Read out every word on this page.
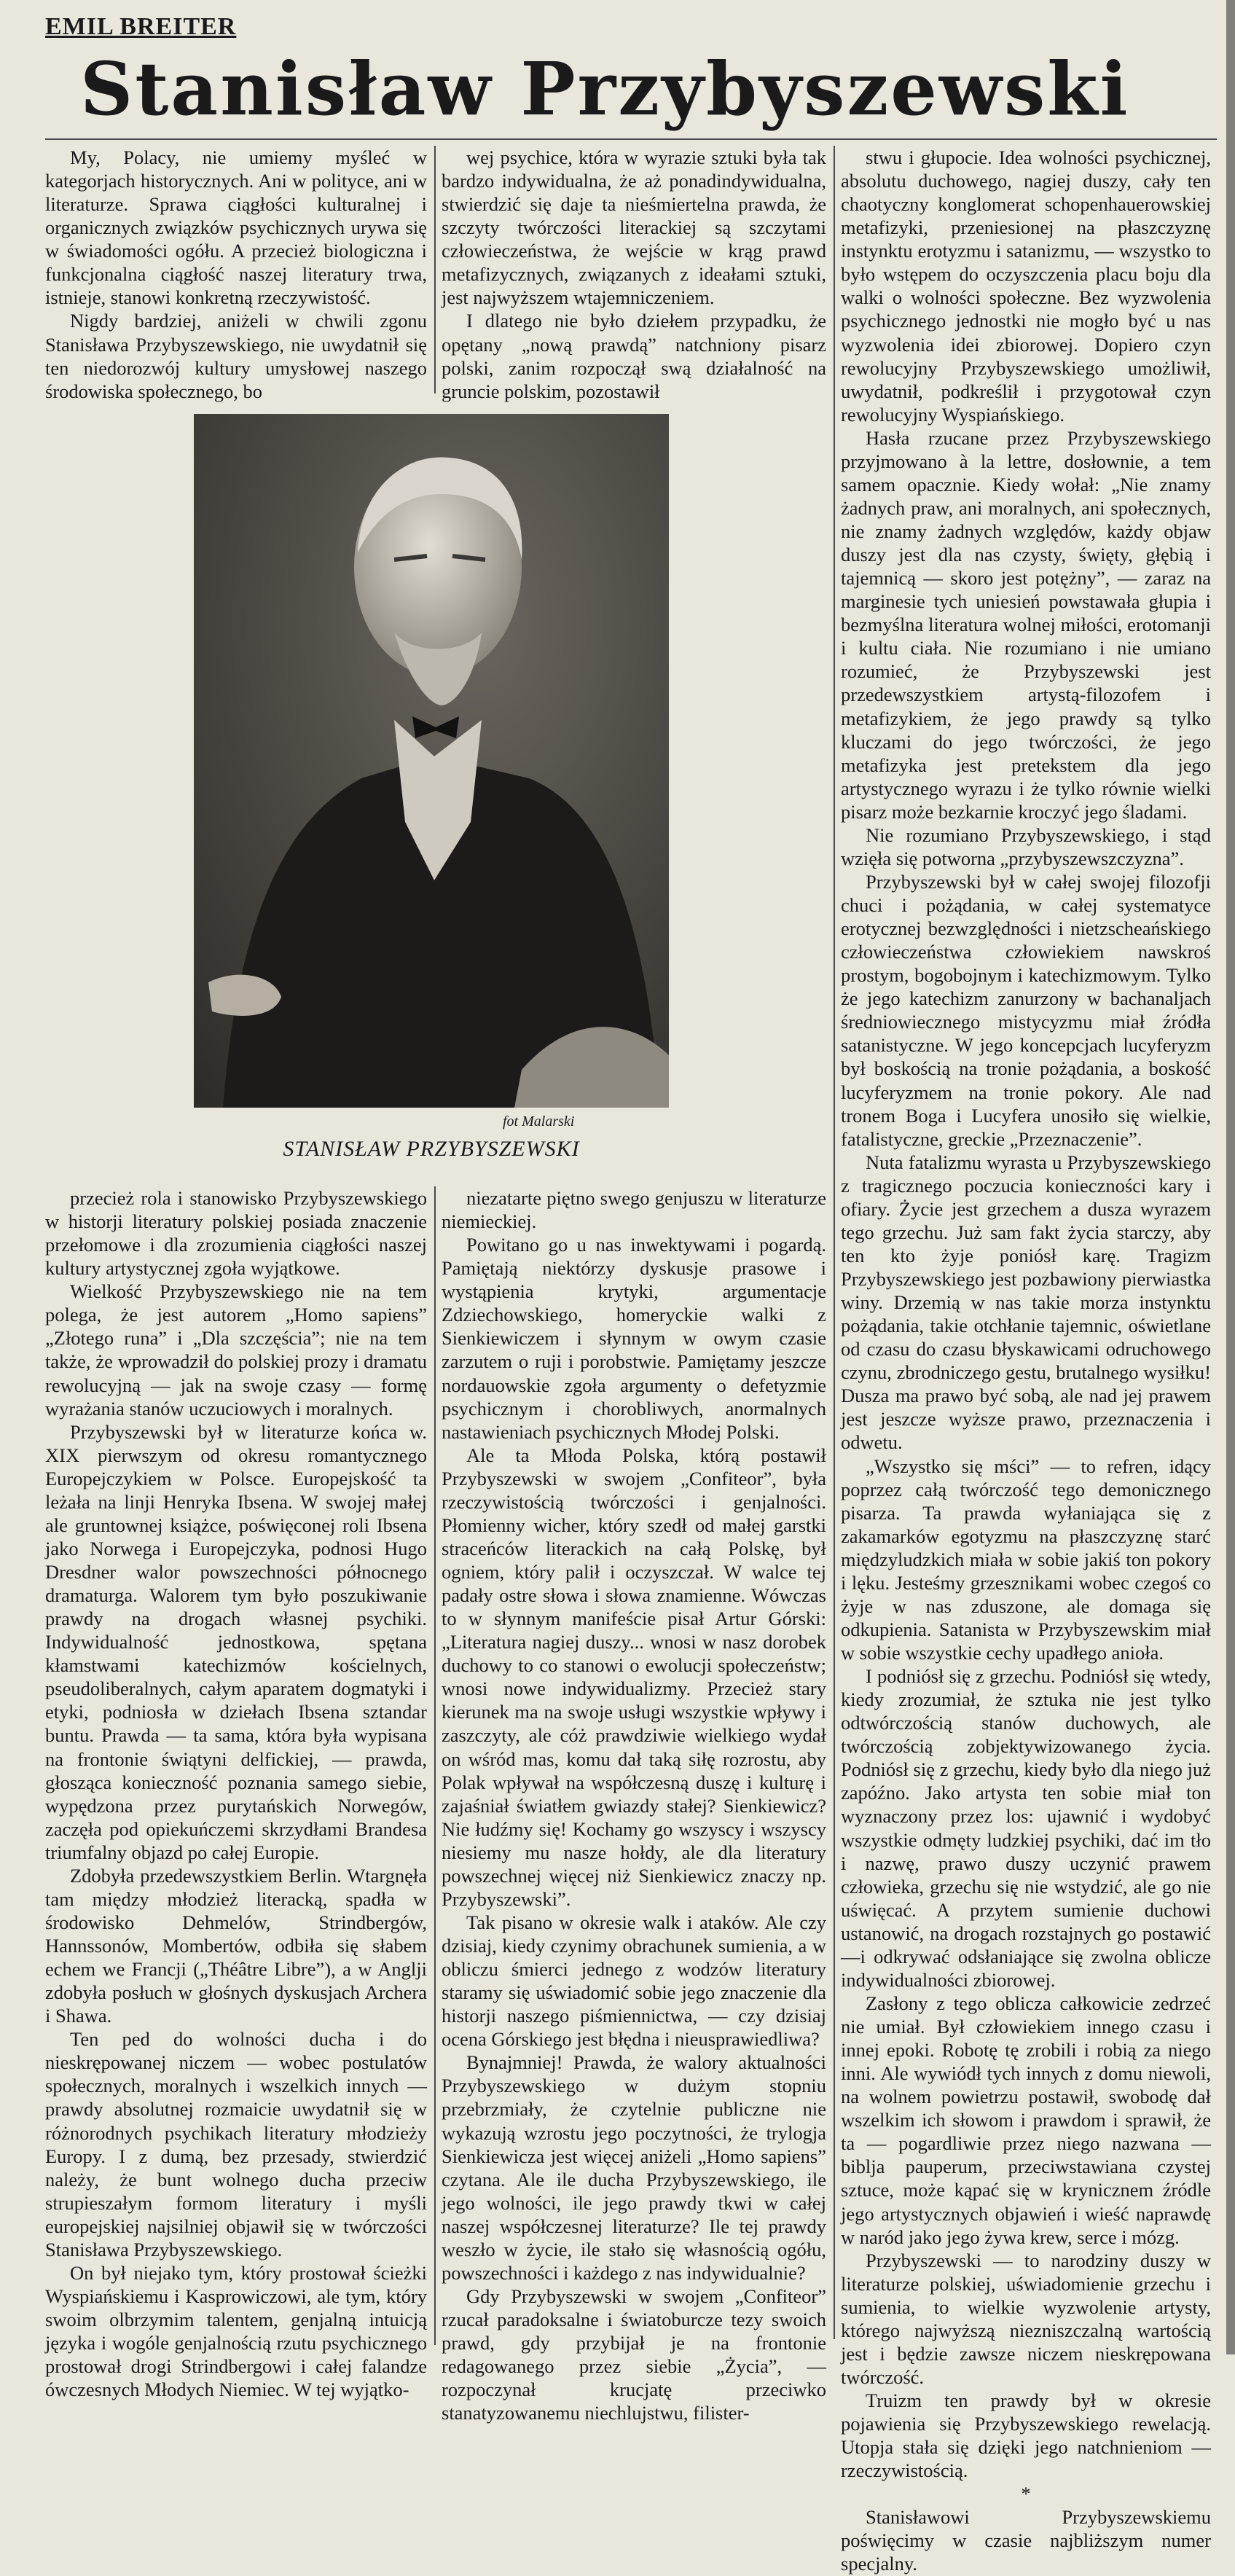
EMIL BREITER
Stanisław Przybyszewski

My, Polacy, nie umiemy myśleć w kategorjach historycznych. Ani w polityce, ani w literaturze. Sprawa ciągłości kulturalnej i organicznych związków psychicznych urywa się w świadomości ogółu. A przecież biologiczna i funkcjonalna ciągłość naszej literatury trwa, istnieje, stanowi konkretną rzeczywistość.

Nigdy bardziej, aniżeli w chwili zgonu Stanisława Przybyszewskiego, nie uwydatnił się ten niedorozwój kultury umysłowej naszego środowiska społecznego, bo

wej psychice, która w wyrazie sztuki była tak bardzo indywidualna, że aż ponadindywidualna, stwierdzić się daje ta nieśmiertelna prawda, że szczyty twórczości literackiej są szczytami człowieczeństwa, że wejście w krąg prawd metafizycznych, związanych z ideałami sztuki, jest najwyższem wtajemniczeniem.

I dlatego nie było dziełem przypadku, że opętany „nową prawdą” natchniony pisarz polski, zanim rozpoczął swą działalność na gruncie polskim, pozostawił

stwu i głupocie. Idea wolności psychicznej, absolutu duchowego, nagiej duszy, cały ten chaotyczny konglomerat schopenhauerowskiej metafizyki, przeniesionej na płaszczyznę instynktu erotyzmu i satanizmu, — wszystko to było wstępem do oczyszczenia placu boju dla walki o wolności społeczne. Bez wyzwolenia psychicznego jednostki nie mogło być u nas wyzwolenia idei zbiorowej. Dopiero czyn rewolucyjny Przybyszewskiego umożliwił, uwydatnił, podkreślił i przygotował czyn rewolucyjny Wyspiańskiego.

Hasła rzucane przez Przybyszewskiego przyjmowano à la lettre, dosłownie, a tem samem opacznie. Kiedy wołał: „Nie znamy żadnych praw, ani moralnych, ani społecznych, nie znamy żadnych względów, każdy objaw duszy jest dla nas czysty, święty, głębią i tajemnicą — skoro jest potężny”, — zaraz na marginesie tych uniesień powstawała głupia i bezmyślna literatura wolnej miłości, erotomanji i kultu ciała. Nie rozumiano i nie umiano rozumieć, że Przybyszewski jest przedewszystkiem artystą-filozofem i metafizykiem, że jego prawdy są tylko kluczami do jego twórczości, że jego metafizyka jest pretekstem dla jego artystycznego wyrazu i że tylko równie wielki pisarz może bezkarnie kroczyć jego śladami.

Nie rozumiano Przybyszewskiego, i stąd wzięła się potworna „przybyszewszczyzna”.

Przybyszewski był w całej swojej filozofji chuci i pożądania, w całej systematyce erotycznej bezwzględności i nietzscheańskiego człowieczeństwa człowiekiem nawskroś prostym, bogobojnym i katechizmowym. Tylko że jego katechizm zanurzony w bachanaljach średniowiecznego mistycyzmu miał źródła satanistyczne. W jego koncepcjach lucyferyzm był boskością na tronie pożądania, a boskość lucyferyzmem na tronie pokory. Ale nad tronem Boga i Lucyfera unosiło się wielkie, fatalistyczne, greckie „Przeznaczenie”.

Nuta fatalizmu wyrasta u Przybyszewskiego z tragicznego poczucia konieczności kary i ofiary. Życie jest grzechem a dusza wyrazem tego grzechu. Już sam fakt życia starczy, aby ten kto żyje poniósł karę. Tragizm Przybyszewskiego jest pozbawiony pierwiastka winy. Drzemią w nas takie morza instynktu pożądania, takie otchłanie tajemnic, oświetlane od czasu do czasu błyskawicami odruchowego czynu, zbrodniczego gestu, brutalnego wysiłku! Dusza ma prawo być sobą, ale nad jej prawem jest jeszcze wyższe prawo, przeznaczenia i odwetu.

„Wszystko się mści” — to refren, idący poprzez całą twórczość tego demonicznego pisarza. Ta prawda wyłaniająca się z zakamarków egotyzmu na płaszczyznę starć międzyludzkich miała w sobie jakiś ton pokory i lęku. Jesteśmy grzesznikami wobec czegoś co żyje w nas zduszone, ale domaga się odkupienia. Satanista w Przybyszewskim miał w sobie wszystkie cechy upadłego anioła.

I podniósł się z grzechu. Podniósł się wtedy, kiedy zrozumiał, że sztuka nie jest tylko odtwórczością stanów duchowych, ale twórczością zobjektywizowanego życia. Podniósł się z grzechu, kiedy było dla niego już zapóźno. Jako artysta ten sobie miał ton wyznaczony przez los: ujawnić i wydobyć wszystkie odmęty ludzkiej psychiki, dać im tło i nazwę, prawo duszy uczynić prawem człowieka, grzechu się nie wstydzić, ale go nie uświęcać. A przytem sumienie duchowi ustanowić, na drogach rozstajnych go postawić—i odkrywać odsłaniające się zwolna oblicze indywidualności zbiorowej.

Zasłony z tego oblicza całkowicie zedrzeć nie umiał. Był człowiekiem innego czasu i innej epoki. Robotę tę zrobili i robią za niego inni. Ale wywiódł tych innych z domu niewoli, na wolnem powietrzu postawił, swobodę dał wszelkim ich słowom i prawdom i sprawił, że ta — pogardliwie przez niego nazwana — biblja pauperum, przeciwstawiana czystej sztuce, może kąpać się w krynicznem źródle jego artystycznych objawień i wieść naprawdę w naród jako jego żywa krew, serce i mózg.

Przybyszewski — to narodziny duszy w literaturze polskiej, uświadomienie grzechu i sumienia, to wielkie wyzwolenie artysty, którego najwyższą niezniszczalną wartością jest i będzie zawsze niczem nieskrępowana twórczość.

Truizm ten prawdy był w okresie pojawienia się Przybyszewskiego rewelacją. Utopja stała się dzięki jego natchnieniom — rzeczywistością.

*

Stanisławowi Przybyszewskiemu poświęcimy w czasie najbliższym numer specjalny.

fot Malarski

STANISŁAW PRZYBYSZEWSKI

przecież rola i stanowisko Przybyszewskiego w historji literatury polskiej posiada znaczenie przełomowe i dla zrozumienia ciągłości naszej kultury artystycznej zgoła wyjątkowe.

Wielkość Przybyszewskiego nie na tem polega, że jest autorem „Homo sapiens” „Złotego runa” i „Dla szczęścia”; nie na tem także, że wprowadził do polskiej prozy i dramatu rewolucyjną — jak na swoje czasy — formę wyrażania stanów uczuciowych i moralnych.

Przybyszewski był w literaturze końca w. XIX pierwszym od okresu romantycznego Europejczykiem w Polsce. Europejskość ta leżała na linji Henryka Ibsena. W swojej małej ale gruntownej książce, poświęconej roli Ibsena jako Norwega i Europejczyka, podnosi Hugo Dresdner walor powszechności północnego dramaturga. Walorem tym było poszukiwanie prawdy na drogach własnej psychiki. Indywidualność jednostkowa, spętana kłamstwami katechizmów kościelnych, pseudoliberalnych, całym aparatem dogmatyki i etyki, podniosła w dziełach Ibsena sztandar buntu. Prawda — ta sama, która była wypisana na frontonie świątyni delfickiej, — prawda, głosząca konieczność poznania samego siebie, wypędzona przez purytańskich Norwegów, zaczęła pod opiekuńczemi skrzydłami Brandesa triumfalny objazd po całej Europie.

Zdobyła przedewszystkiem Berlin. Wtargnęła tam między młodzież literacką, spadła w środowisko Dehmelów, Strindbergów, Hannssonów, Mombertów, odbiła się słabem echem we Francji („Théâtre Libre”), a w Anglji zdobyła posłuch w głośnych dyskusjach Archera i Shawa.

Ten ped do wolności ducha i do nieskrępowanej niczem — wobec postulatów społecznych, moralnych i wszelkich innych — prawdy absolutnej rozmaicie uwydatnił się w różnorodnych psychikach literatury młodzieży Europy. I z dumą, bez przesady, stwierdzić należy, że bunt wolnego ducha przeciw strupieszałym formom literatury i myśli europejskiej najsilniej objawił się w twórczości Stanisława Przybyszewskiego.

On był niejako tym, który prostował ścieżki Wyspiańskiemu i Kasprowiczowi, ale tym, który swoim olbrzymim talentem, genjalną intuicją języka i wogóle genjalnością rzutu psychicznego prostował drogi Strindbergowi i całej falandze ówczesnych Młodych Niemiec. W tej wyjątko-

niezatarte piętno swego genjuszu w literaturze niemieckiej.

Powitano go u nas inwektywami i pogardą. Pamiętają niektórzy dyskusje prasowe i wystąpienia krytyki, argumentacje Zdziechowskiego, homeryckie walki z Sienkiewiczem i słynnym w owym czasie zarzutem o ruji i porobstwie. Pamiętamy jeszcze nordauowskie zgoła argumenty o defetyzmie psychicznym i chorobliwych, anormalnych nastawieniach psychicznych Młodej Polski.

Ale ta Młoda Polska, którą postawił Przybyszewski w swojem „Confiteor”, była rzeczywistością twórczości i genjalności. Płomienny wicher, który szedł od małej garstki straceńców literackich na całą Polskę, był ogniem, który palił i oczyszczał. W walce tej padały ostre słowa i słowa znamienne. Wówczas to w słynnym manifeście pisał Artur Górski: „Literatura nagiej duszy... wnosi w nasz dorobek duchowy to co stanowi o ewolucji społeczeństw; wnosi nowe indywidualizmy. Przecież stary kierunek ma na swoje usługi wszystkie wpływy i zaszczyty, ale cóż prawdziwie wielkiego wydał on wśród mas, komu dał taką siłę rozrostu, aby Polak wpływał na współczesną duszę i kulturę i zajaśniał światłem gwiazdy stałej? Sienkiewicz? Nie łudźmy się! Kochamy go wszyscy i wszyscy niesiemy mu nasze hołdy, ale dla literatury powszechnej więcej niż Sienkiewicz znaczy np. Przybyszewski”.

Tak pisano w okresie walk i ataków. Ale czy dzisiaj, kiedy czynimy obrachunek sumienia, a w obliczu śmierci jednego z wodzów literatury staramy się uświadomić sobie jego znaczenie dla historji naszego piśmiennictwa, — czy dzisiaj ocena Górskiego jest błędna i nieusprawiedliwa?

Bynajmniej! Prawda, że walory aktualności Przybyszewskiego w dużym stopniu przebrzmiały, że czytelnie publiczne nie wykazują wzrostu jego poczytności, że trylogja Sienkiewicza jest więcej aniżeli „Homo sapiens” czytana. Ale ile ducha Przybyszewskiego, ile jego wolności, ile jego prawdy tkwi w całej naszej współczesnej literaturze? Ile tej prawdy weszło w życie, ile stało się własnością ogółu, powszechności i każdego z nas indywidualnie?

Gdy Przybyszewski w swojem „Confiteor” rzucał paradoksalne i światoburcze tezy swoich prawd, gdy przybijał je na frontonie redagowanego przez siebie „Życia”, — rozpoczynał krucjatę przeciwko stanatyzowanemu niechlujstwu, filister-
